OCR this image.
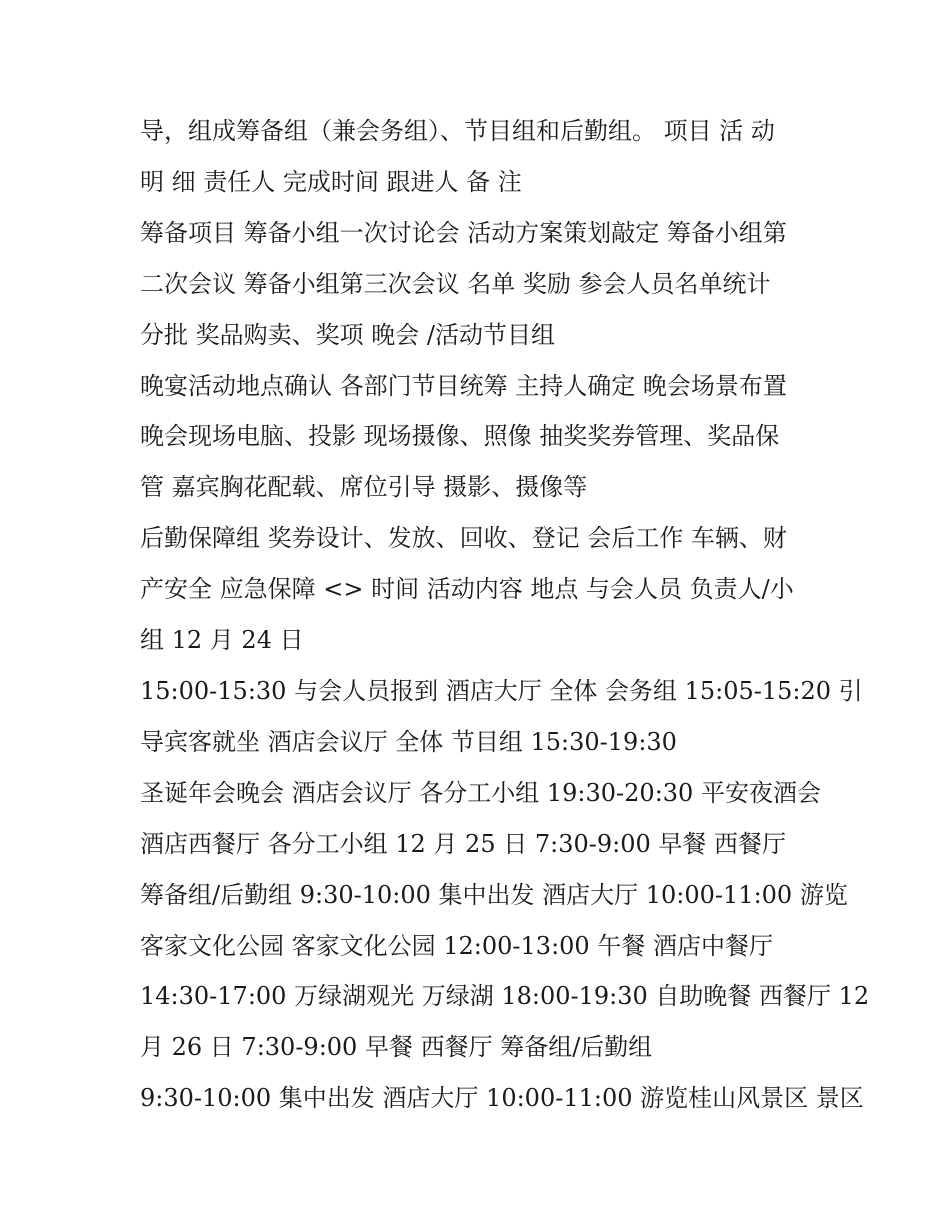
导，组成筹备组（兼会务组）、节目组和后勤组。 项目 活 动
明 细 责任人 完成时间 跟进人 备 注
筹备项目 筹备小组一次讨论会 活动方案策划敲定 筹备小组第
二次会议 筹备小组第三次会议 名单 奖励 参会人员名单统计
分批 奖品购卖、奖项 晚会 /活动节目组
晚宴活动地点确认 各部门节目统筹 主持人确定 晚会场景布置
晚会现场电脑、投影 现场摄像、照像 抽奖奖券管理、奖品保
管 嘉宾胸花配载、席位引导 摄影、摄像等
后勤保障组 奖券设计、发放、回收、登记 会后工作 车辆、财
产安全 应急保障 <> 时间 活动内容 地点 与会人员 负责人/小
组 12 月 24 日
15:00-15:30 与会人员报到 酒店大厅 全体 会务组 15:05-15:20 引
导宾客就坐 酒店会议厅 全体 节目组 15:30-19:30
圣诞年会晚会 酒店会议厅 各分工小组 19:30-20:30 平安夜酒会
酒店西餐厅 各分工小组 12 月 25 日 7:30-9:00 早餐 西餐厅
筹备组/后勤组 9:30-10:00 集中出发 酒店大厅 10:00-11:00 游览
客家文化公园 客家文化公园 12:00-13:00 午餐 酒店中餐厅
14:30-17:00 万绿湖观光 万绿湖 18:00-19:30 自助晚餐 西餐厅 12
月 26 日 7:30-9:00 早餐 西餐厅 筹备组/后勤组
9:30-10:00 集中出发 酒店大厅 10:00-11:00 游览桂山风景区 景区
